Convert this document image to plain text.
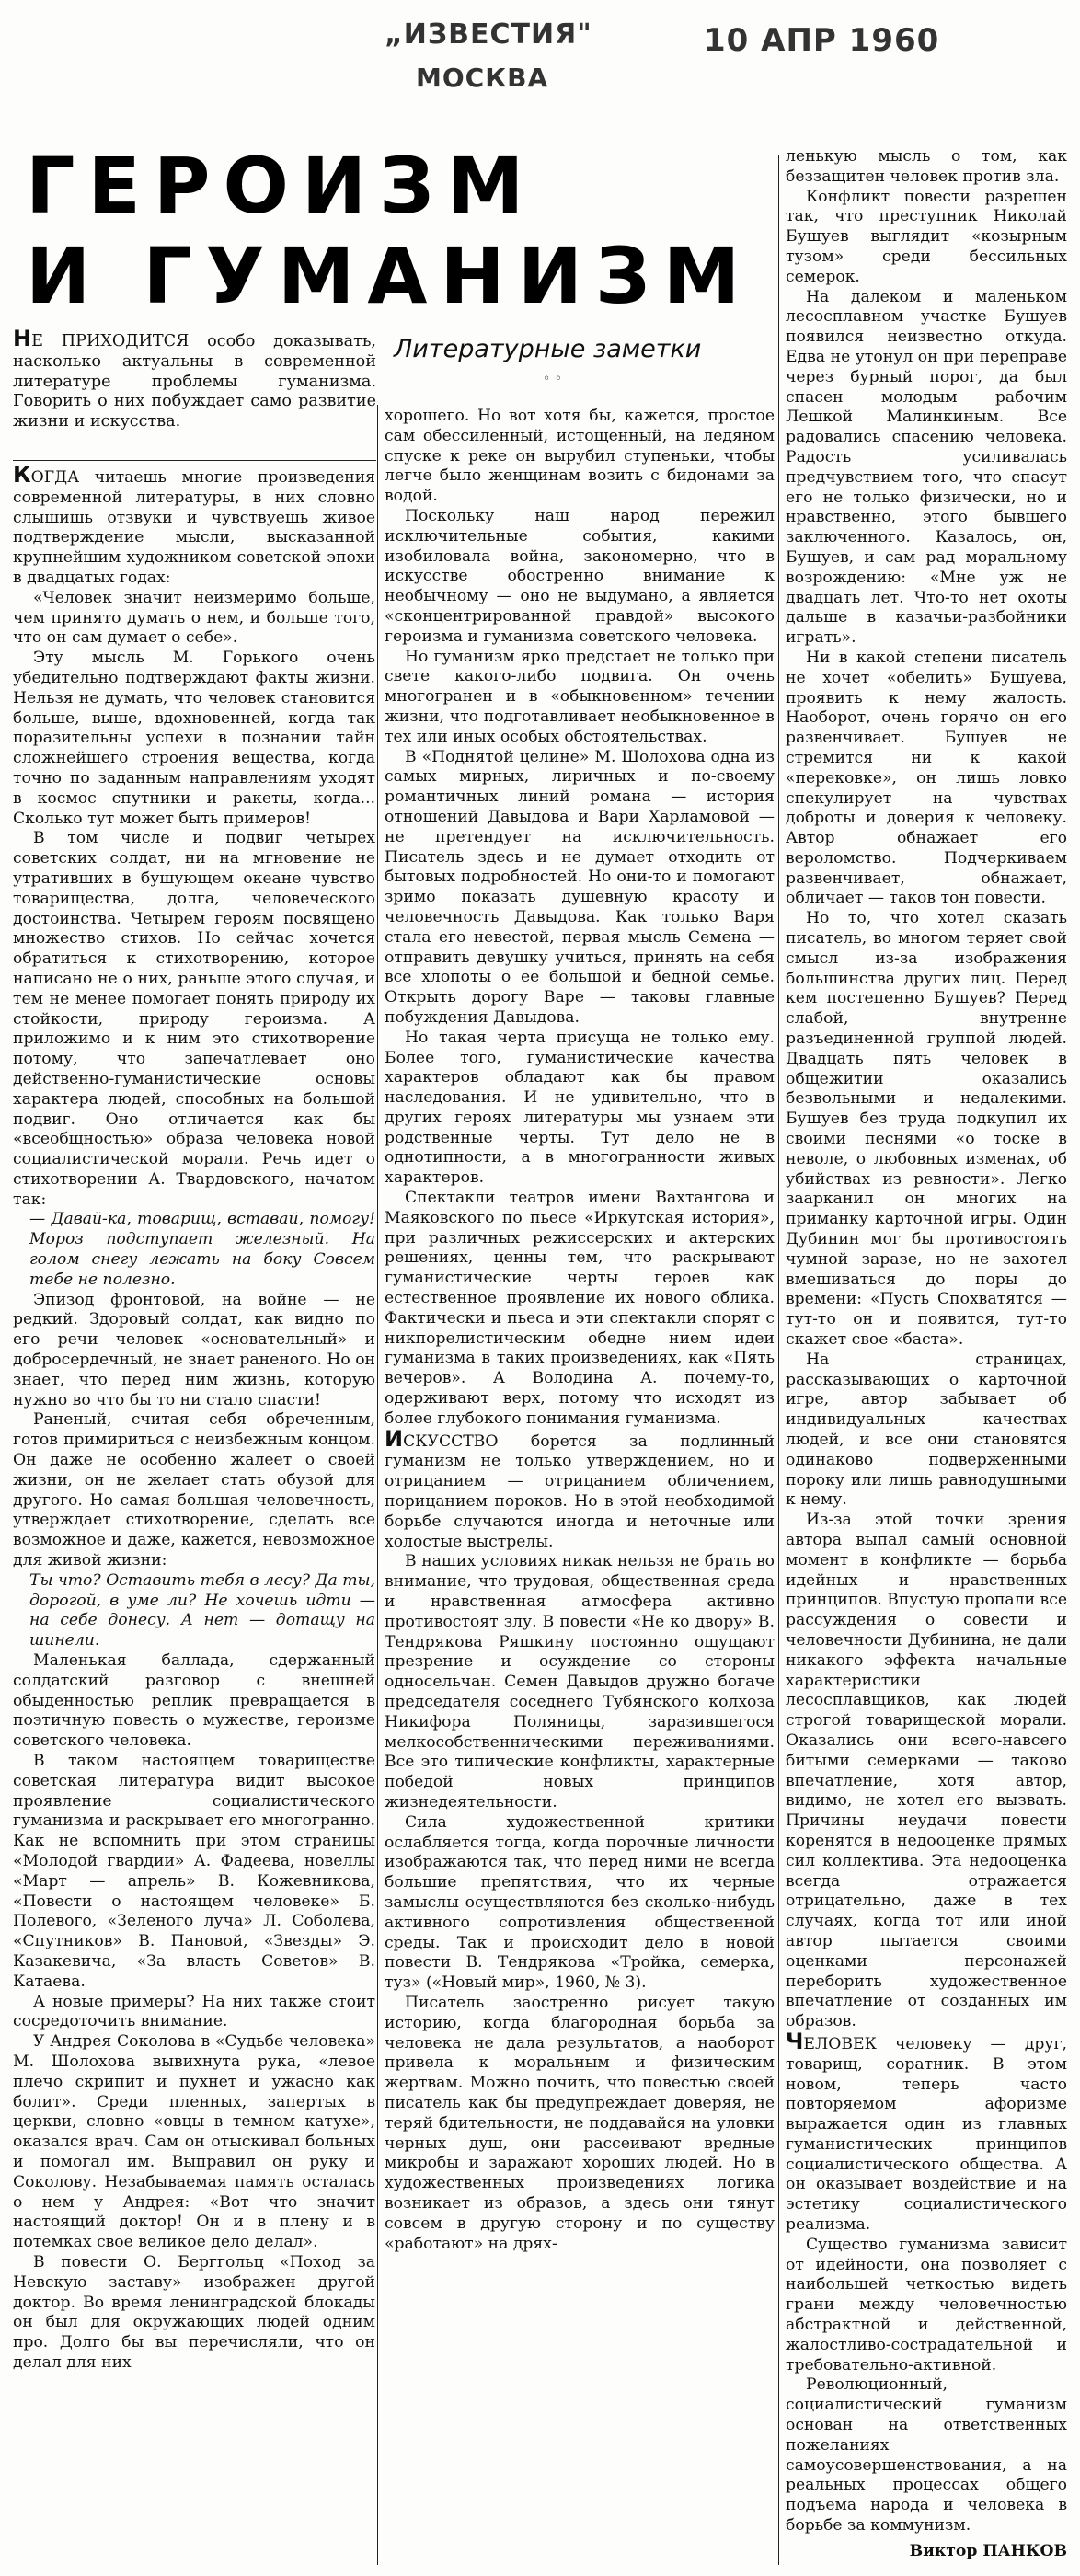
„ИЗВЕСТИЯ"
МОСКВА
10 АПР 1960
ГЕРОИЗМ
И ГУМАНИЗМ

НЕ ПРИХОДИТСЯ особо доказывать, насколько актуальны в современной литературе проблемы гуманизма. Говорить о них побуждает само развитие жизни и искусства.

Литературные заметки
◦ ◦

КОГДА читаешь многие произведения современной литературы, в них словно слышишь отзвуки и чувствуешь живое подтверждение мысли, высказанной крупнейшим художником советской эпохи в двадцатых годах:

«Человек значит неизмеримо больше, чем принято думать о нем, и больше того, что он сам думает о себе».

Эту мысль М. Горького очень убедительно подтверждают факты жизни. Нельзя не думать, что человек становится больше, выше, вдохновенней, когда так поразительны успехи в познании тайн сложнейшего строения вещества, когда точно по заданным направлениям уходят в космос спутники и ракеты, когда... Сколько тут может быть примеров!

В том числе и подвиг четырех советских солдат, ни на мгновение не утративших в бушующем океане чувство товарищества, долга, человеческого достоинства. Четырем героям посвящено множество стихов. Но сейчас хочется обратиться к стихотворению, которое написано не о них, раньше этого случая, и тем не менее помогает понять природу их стойкости, природу героизма. А приложимо и к ним это стихотворение потому, что запечатлевает оно действенно-гуманистические основы характера людей, способных на большой подвиг. Оно отличается как бы «всеобщностью» образа человека новой социалистической морали. Речь идет о стихотворении А. Твардовского, начатом так:

— Давай-ка, товарищ, вставай, помогу! Мороз подступает железный. На голом снегу лежать на боку Совсем тебе не полезно.

Эпизод фронтовой, на войне — не редкий. Здоровый солдат, как видно по его речи человек «основательный» и добросердечный, не знает раненого. Но он знает, что перед ним жизнь, которую нужно во что бы то ни стало спасти!

Раненый, считая себя обреченным, готов примириться с неизбежным концом. Он даже не особенно жалеет о своей жизни, он не желает стать обузой для другого. Но самая большая человечность, утверждает стихотворение, сделать все возможное и даже, кажется, невозможное для живой жизни:

Ты что? Оставить тебя в лесу? Да ты, дорогой, в уме ли? Не хочешь идти — на себе донесу. А нет — дотащу на шинели.

Маленькая баллада, сдержанный солдатский разговор с внешней обыденностью реплик превращается в поэтичную повесть о мужестве, героизме советского человека.

В таком настоящем товариществе советская литература видит высокое проявление социалистического гуманизма и раскрывает его многогранно. Как не вспомнить при этом страницы «Молодой гвардии» А. Фадеева, новеллы «Март — апрель» В. Кожевникова, «Повести о настоящем человеке» Б. Полевого, «Зеленого луча» Л. Соболева, «Спутников» В. Пановой, «Звезды» Э. Казакевича, «За власть Советов» В. Катаева.

А новые примеры? На них также стоит сосредоточить внимание.

У Андрея Соколова в «Судьбе человека» М. Шолохова вывихнута рука, «левое плечо скрипит и пухнет и ужасно как болит». Среди пленных, запертых в церкви, словно «овцы в темном катухе», оказался врач. Сам он отыскивал больных и помогал им. Выправил он руку и Соколову. Незабываемая память осталась о нем у Андрея: «Вот что значит настоящий доктор! Он и в плену и в потемках свое великое дело делал».

В повести О. Берггольц «Поход за Невскую заставу» изображен другой доктор. Во время ленинградской блокады он был для окружающих людей одним про. Долго бы вы перечисляли, что он делал для них

хорошего. Но вот хотя бы, кажется, простое сам обессиленный, истощенный, на ледяном спуске к реке он вырубил ступеньки, чтобы легче было женщинам возить с бидонами за водой.

Поскольку наш народ пережил исключительные события, какими изобиловала война, закономерно, что в искусстве обостренно внимание к необычному — оно не выдумано, а является «сконцентрированной правдой» высокого героизма и гуманизма советского человека.

Но гуманизм ярко предстает не только при свете какого-либо подвига. Он очень многогранен и в «обыкновенном» течении жизни, что подготавливает необыкновенное в тех или иных особых обстоятельствах.

В «Поднятой целине» М. Шолохова одна из самых мирных, лиричных и по-своему романтичных линий романа — история отношений Давыдова и Вари Харламовой — не претендует на исключительность. Писатель здесь и не думает отходить от бытовых подробностей. Но они-то и помогают зримо показать душевную красоту и человечность Давыдова. Как только Варя стала его невестой, первая мысль Семена — отправить девушку учиться, принять на себя все хлопоты о ее большой и бедной семье. Открыть дорогу Варе — таковы главные побуждения Давыдова.

Но такая черта присуща не только ему. Более того, гуманистические качества характеров обладают как бы правом наследования. И не удивительно, что в других героях литературы мы узнаем эти родственные черты. Тут дело не в однотипности, а в многогранности живых характеров.

Спектакли театров имени Вахтангова и Маяковского по пьесе «Иркутская история», при различных режиссерских и актерских решениях, ценны тем, что раскрывают гуманистические черты героев как естественное проявление их нового облика. Фактически и пьеса и эти спектакли спорят с никпорелистическим обедне нием идеи гуманизма в таких произведениях, как «Пять вечеров». А Володина А. почему-то, одерживают верх, потому что исходят из более глубокого понимания гуманизма.

ИСКУССТВО борется за подлинный гуманизм не только утверждением, но и отрицанием — отрицанием обличением, порицанием пороков. Но в этой необходимой борьбе случаются иногда и неточные или холостые выстрелы.

В наших условиях никак нельзя не брать во внимание, что трудовая, общественная среда и нравственная атмосфера активно противостоят злу. В повести «Не ко двору» В. Тендрякова Ряшкину постоянно ощущают презрение и осуждение со стороны односельчан. Семен Давыдов дружно богаче председателя соседнего Тубянского колхоза Никифора Поляницы, заразившегося мелкособственническими переживаниями. Все это типические конфликты, характерные победой новых принципов жизнедеятельности.

Сила художественной критики ослабляется тогда, когда порочные личности изображаются так, что перед ними не всегда большие препятствия, что их черные замыслы осуществляются без сколько-нибудь активного сопротивления общественной среды. Так и происходит дело в новой повести В. Тендрякова «Тройка, семерка, туз» («Новый мир», 1960, № 3).

Писатель заостренно рисует такую историю, когда благородная борьба за человека не дала результатов, а наоборот привела к моральным и физическим жертвам. Можно почить, что повестью своей писатель как бы предупреждает доверяя, не теряй бдительности, не поддавайся на уловки черных душ, они рассеивают вредные микробы и заражают хороших людей. Но в художественных произведениях логика возникает из образов, а здесь они тянут совсем в другую сторону и по существу «работают» на дрях-

ленькую мысль о том, как беззащитен человек против зла.

Конфликт повести разрешен так, что преступник Николай Бушуев выглядит «козырным тузом» среди бессильных семерок.

На далеком и маленьком лесосплавном участке Бушуев появился неизвестно откуда. Едва не утонул он при переправе через бурный порог, да был спасен молодым рабочим Лешкой Малинкиным. Все радовались спасению человека. Радость усиливалась предчувствием того, что спасут его не только физически, но и нравственно, этого бывшего заключенного. Казалось, он, Бушуев, и сам рад моральному возрождению: «Мне уж не двадцать лет. Что-то нет охоты дальше в казачьи-разбойники играть».

Ни в какой степени писатель не хочет «обелить» Бушуева, проявить к нему жалость. Наоборот, очень горячо он его развенчивает. Бушуев не стремится ни к какой «перековке», он лишь ловко спекулирует на чувствах доброты и доверия к человеку. Автор обнажает его вероломство. Подчеркиваем развенчивает, обнажает, обличает — таков тон повести.

Но то, что хотел сказать писатель, во многом теряет свой смысл из-за изображения большинства других лиц. Перед кем постепенно Бушуев? Перед слабой, внутренне разъединенной группой людей. Двадцать пять человек в общежитии оказались безвольными и недалекими. Бушуев без труда подкупил их своими песнями «о тоске в неволе, о любовных изменах, об убийствах из ревности». Легко заарканил он многих на приманку карточной игры. Один Дубинин мог бы противостоять чумной заразе, но не захотел вмешиваться до поры до времени: «Пусть Спохватятся — тут-то он и появится, тут-то скажет свое «баста».

На страницах, рассказывающих о карточной игре, автор забывает об индивидуальных качествах людей, и все они становятся одинаково подверженными пороку или лишь равнодушными к нему.

Из-за этой точки зрения автора выпал самый основной момент в конфликте — борьба идейных и нравственных принципов. Впустую пропали все рассуждения о совести и человечности Дубинина, не дали никакого эффекта начальные характеристики лесосплавщиков, как людей строгой товарищеской морали. Оказались они всего-навсего битыми семерками — таково впечатление, хотя автор, видимо, не хотел его вызвать. Причины неудачи повести коренятся в недооценке прямых сил коллектива. Эта недооценка всегда отражается отрицательно, даже в тех случаях, когда тот или иной автор пытается своими оценками персонажей переборить художественное впечатление от созданных им образов.

ЧЕЛОВЕК человеку — друг, товарищ, соратник. В этом новом, теперь часто повторяемом афоризме выражается один из главных гуманистических принципов социалистического общества. А он оказывает воздействие и на эстетику социалистического реализма.

Существо гуманизма зависит от идейности, она позволяет с наибольшей четкостью видеть грани между человечностью абстрактной и действенной, жалостливо-сострадательной и требовательно-активной.

Революционный, социалистический гуманизм основан на ответственных пожеланиях самоусовершенствования, а на реальных процессах общего подъема народа и человека в борьбе за коммунизм.

Виктор ПАНКОВ
